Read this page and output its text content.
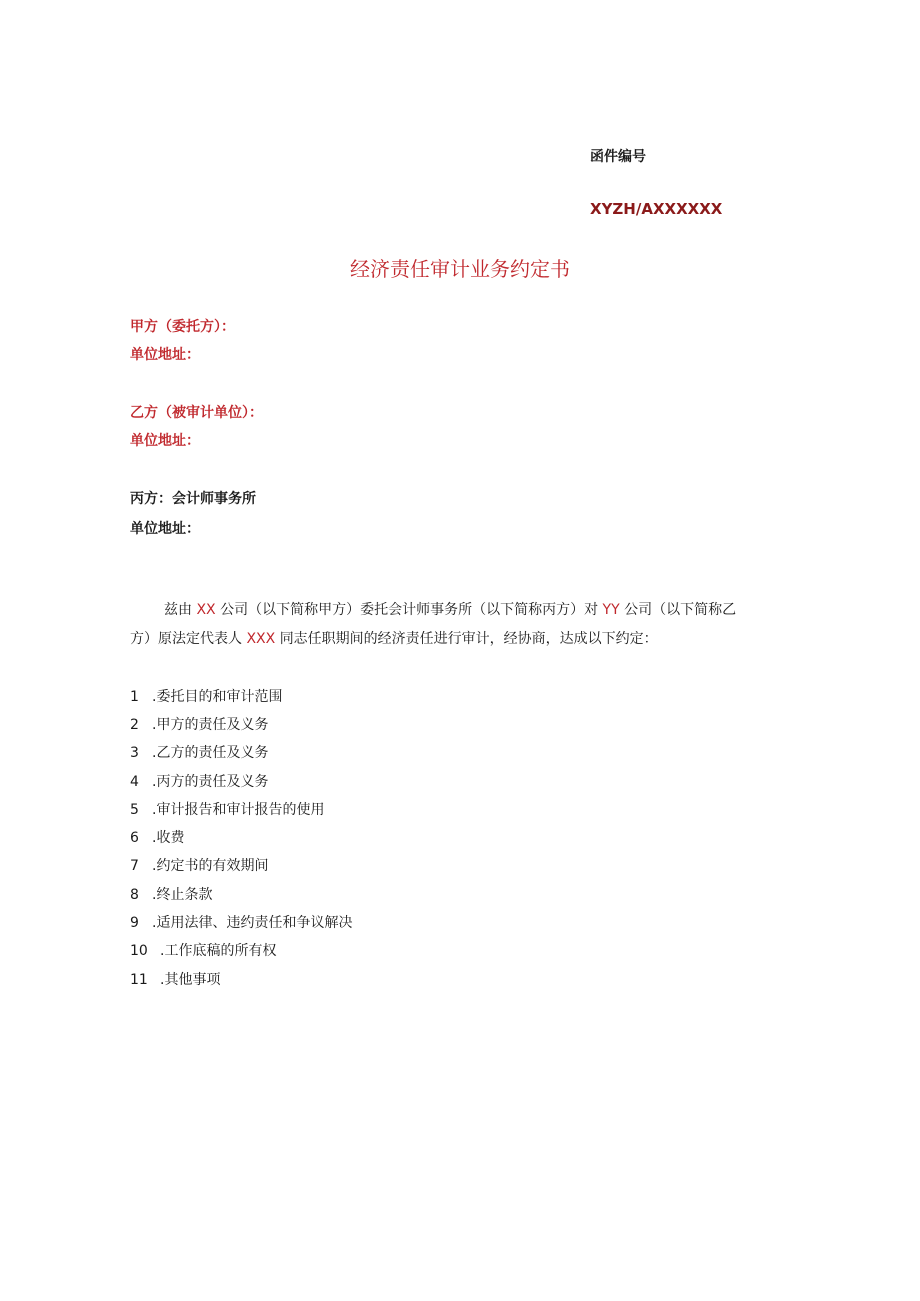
函件编号
XYZH/AXXXXXX
经济责任审计业务约定书
甲方（委托方）：
单位地址：
乙方（被审计单位）：
单位地址：
丙方：会计师事务所
单位地址：
兹由 XX 公司（以下简称甲方）委托会计师事务所（以下简称丙方）对 YY 公司（以下简称乙
方）原法定代表人 XXX 同志任职期间的经济责任进行审计，经协商，达成以下约定：
1 .委托目的和审计范围
2 .甲方的责任及义务
3 .乙方的责任及义务
4 .丙方的责任及义务
5 .审计报告和审计报告的使用
6 .收费
7 .约定书的有效期间
8 .终止条款
9 .适用法律、违约责任和争议解决
10 .工作底稿的所有权
11 .其他事项
